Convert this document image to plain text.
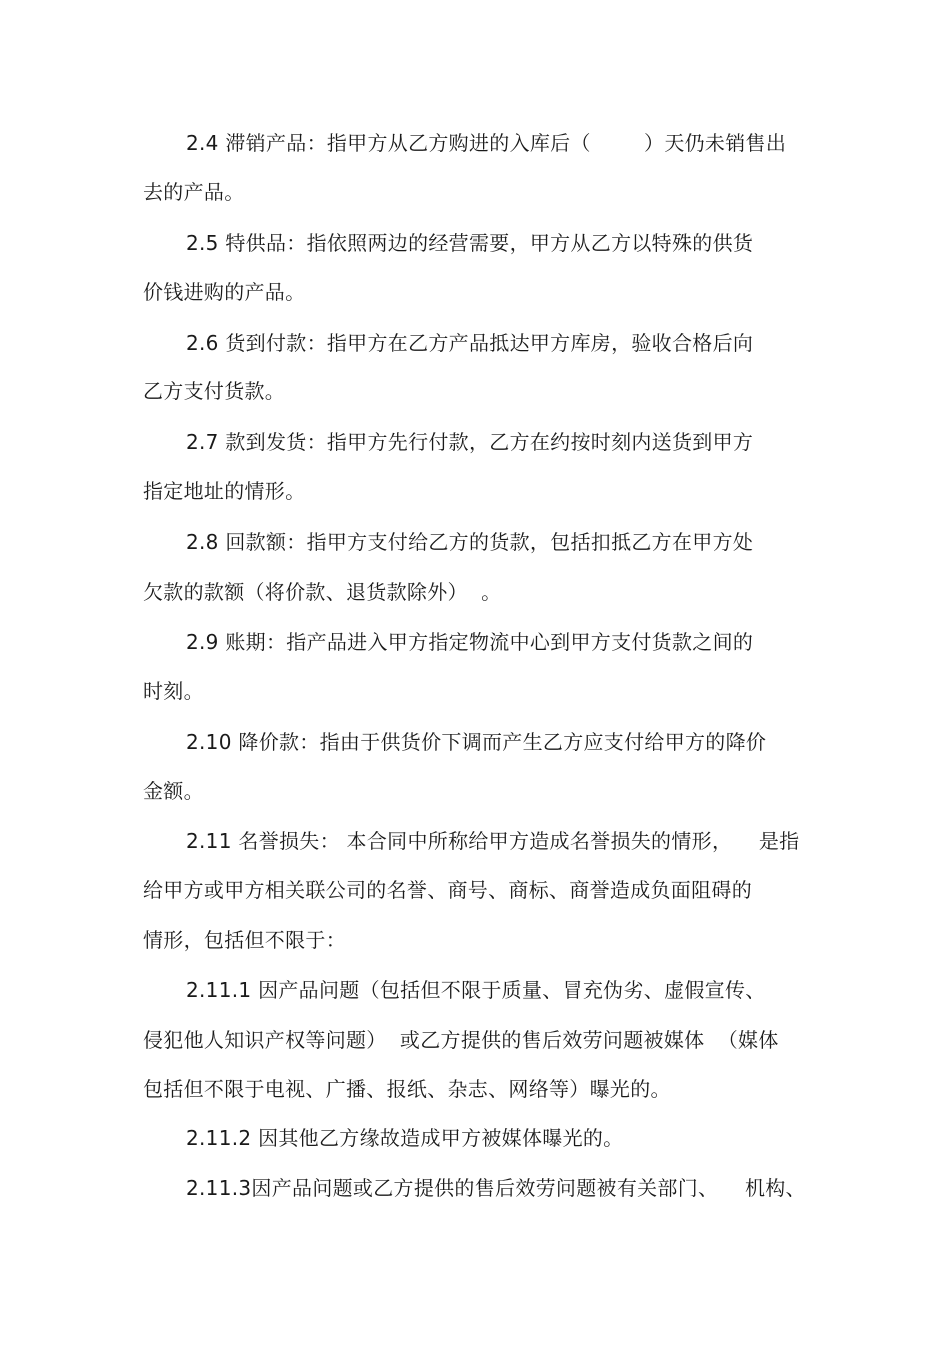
2.4 滞销产品：指甲方从乙方购进的入库后（        ）天仍未销售出
去的产品。
2.5 特供品：指依照两边的经营需要，甲方从乙方以特殊的供货
价钱进购的产品。
2.6 货到付款：指甲方在乙方产品抵达甲方库房，验收合格后向
乙方支付货款。
2.7 款到发货：指甲方先行付款，乙方在约按时刻内送货到甲方
指定地址的情形。
2.8 回款额：指甲方支付给乙方的货款，包括扣抵乙方在甲方处
欠款的款额（将价款、退货款除外）  。
2.9 账期：指产品进入甲方指定物流中心到甲方支付货款之间的
时刻。
2.10 降价款：指由于供货价下调而产生乙方应支付给甲方的降价
金额。
2.11 名誉损失： 本合同中所称给甲方造成名誉损失的情形，    是指
给甲方或甲方相关联公司的名誉、商号、商标、商誉造成负面阻碍的
情形，包括但不限于：
2.11.1 因产品问题（包括但不限于质量、冒充伪劣、虚假宣传、
侵犯他人知识产权等问题）  或乙方提供的售后效劳问题被媒体  （媒体
包括但不限于电视、广播、报纸、杂志、网络等）曝光的。
2.11.2 因其他乙方缘故造成甲方被媒体曝光的。
2.11.3因产品问题或乙方提供的售后效劳问题被有关部门、    机构、
